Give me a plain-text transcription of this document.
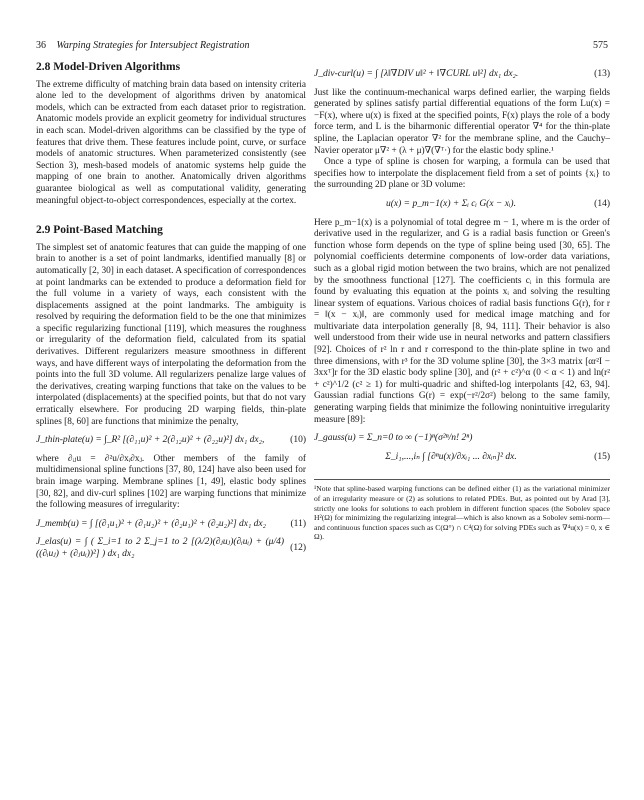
36 Warping Strategies for Intersubject Registration	575
2.8 Model-Driven Algorithms

The extreme difficulty of matching brain data based on intensity criteria alone led to the development of algorithms driven by anatomical models, which can be extracted from each dataset prior to registration. Anatomic models provide an explicit geometry for individual structures in each scan. Model-driven algorithms can be classified by the type of features that drive them. These features include point, curve, or surface models of anatomic structures. When parameterized consistently (see Section 3), mesh-based models of anatomic systems help guide the mapping of one brain to another. Anatomically driven algorithms guarantee biological as well as computational validity, generating meaningful object-to-object correspondences, especially at the cortex.

2.9 Point-Based Matching

The simplest set of anatomic features that can guide the mapping of one brain to another is a set of point landmarks, identified manually [8] or automatically [2, 30] in each dataset. A specification of correspondences at point landmarks can be extended to produce a deformation field for the full volume in a variety of ways, each consistent with the displacements assigned at the point landmarks. The ambiguity is resolved by requiring the deformation field to be the one that minimizes a specific regularizing functional [119], which measures the roughness or irregularity of the deformation field, calculated from its spatial derivatives. Different regularizers measure smoothness in different ways, and have different ways of interpolating the deformation from the points into the full 3D volume. All regularizers penalize large values of the derivatives, creating warping functions that take on the values to be interpolated (displacements) at the specified points, but that do not vary erratically elsewhere. For producing 2D warping fields, thin-plate splines [8, 60] are functions that minimize the penalty,

J_thin-plate(u) = ∫_R² [(∂₁₁u)² + 2(∂₁₂u)² + (∂₂₂u)²] dx₁ dx₂,	(10)

where ∂ᵢⱼu = ∂²u/∂xᵢ∂xⱼ. Other members of the family of multidimensional spline functions [37, 80, 124] have also been used for brain image warping. Membrane splines [1, 49], elastic body splines [30, 82], and div-curl splines [102] are warping functions that minimize the following measures of irregularity:

J_memb(u) = ∫ [(∂₁u₁)² + (∂₁u₂)² + (∂₂u₁)² + (∂₂u₂)²] dx₁ dx₂	(11)
J_elas(u) = ∫ ( Σ_i=1 to 2 Σ_j=1 to 2 [(λ/2)(∂ⱼuⱼ)(∂ᵢuᵢ) + (μ/4)((∂ᵢuⱼ) + (∂ⱼuᵢ))²] ) dx₁ dx₂
(12)
J_div-curl(u) = ∫ [λ‖∇DIV u‖² + ‖∇CURL u‖²] dx₁ dx₂.	(13)

Just like the continuum-mechanical warps defined earlier, the warping fields generated by splines satisfy partial differential equations of the form Lu(x) = −F(x), where u(x) is fixed at the specified points, F(x) plays the role of a body force term, and L is the biharmonic differential operator ∇⁴ for the thin-plate spline, the Laplacian operator ∇² for the membrane spline, and the Cauchy–Navier operator μ∇² + (λ + μ)∇(∇ᵀ·) for the elastic body spline.¹

Once a type of spline is chosen for warping, a formula can be used that specifies how to interpolate the displacement field from a set of points {xᵢ} to the surrounding 2D plane or 3D volume:

u(x) = p_m−1(x) + Σᵢ cᵢ G(x − xᵢ).	(14)

Here p_m−1(x) is a polynomial of total degree m − 1, where m is the order of derivative used in the regularizer, and G is a radial basis function or Green's function whose form depends on the type of spline being used [30, 65]. The polynomial coefficients determine components of low-order data variations, such as a global rigid motion between the two brains, which are not penalized by the smoothness functional [127]. The coefficients cᵢ in this formula are found by evaluating this equation at the points xᵢ and solving the resulting linear system of equations. Various choices of radial basis functions G(r), for r = ‖(x − xᵢ)‖, are commonly used for medical image matching and for multivariate data interpolation generally [8, 94, 111]. Their behavior is also well understood from their wide use in neural networks and pattern classifiers [92]. Choices of r² ln r and r correspond to the thin-plate spline in two and three dimensions, with r³ for the 3D volume spline [30], the 3×3 matrix [αr²I − 3xxᵀ]r for the 3D elastic body spline [30], and (r² + c²)^α (0 < α < 1) and ln(r² + c²)^1/2 (c² ≥ 1) for multi-quadric and shifted-log interpolants [42, 63, 94]. Gaussian radial functions G(r) = exp(−r²/2σ²) belong to the same family, generating warping fields that minimize the following nonintuitive irregularity measure [89]:

J_gauss(u) = Σ_n=0 to ∞ (−1)ⁿ(σ²ⁿ/n! 2ⁿ)
Σ_i₁,...,iₙ ∫ [∂ⁿu(x)/∂xᵢ₁ ... ∂xᵢₙ]² dx.	(15)
¹Note that spline-based warping functions can be defined either (1) as the variational minimizer of an irregularity measure or (2) as solutions to related PDEs. But, as pointed out by Arad [3], strictly one looks for solutions to each problem in different function spaces (the Sobolev space H²(Ω) for minimizing the regularizing integral—which is also known as a Sobolev semi-norm—and continuous function spaces such as C(Ω°) ∩ C⁴(Ω) for solving PDEs such as ∇⁴u(x) = 0, x ∈ Ω).
